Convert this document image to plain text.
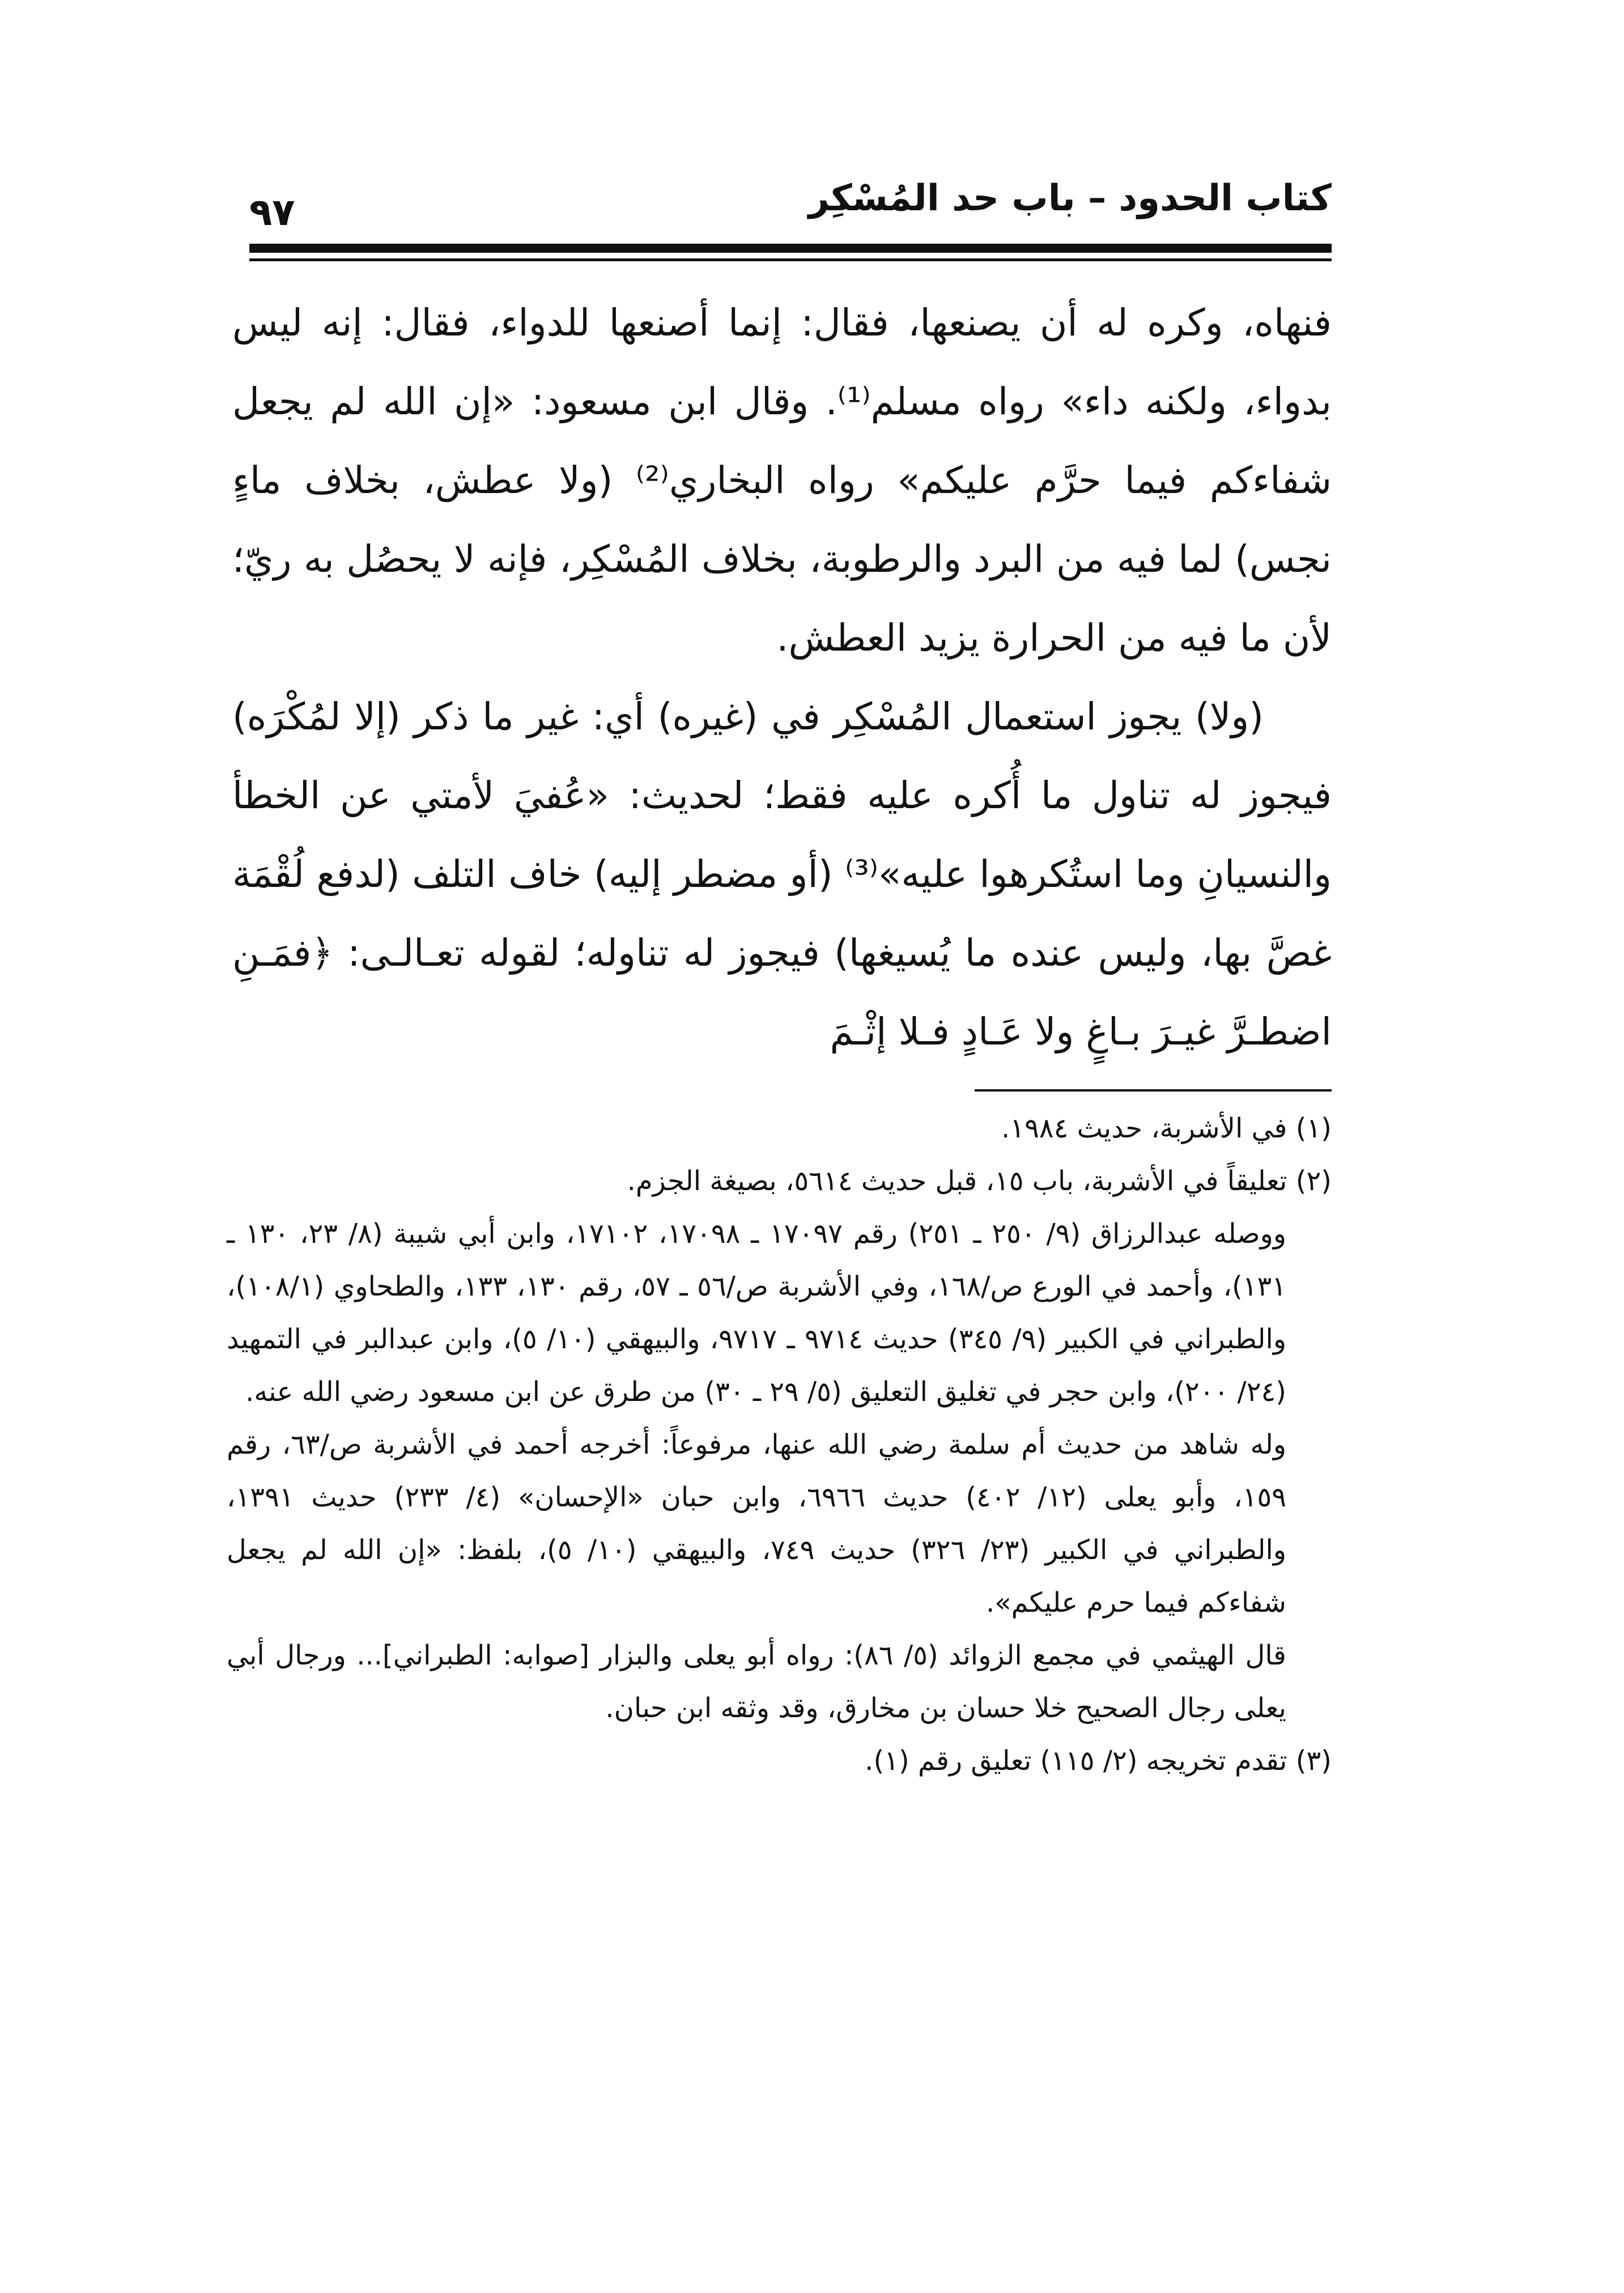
كتاب الحدود – باب حد المُسْكِر
٩٧

فنهاه، وكره له أن يصنعها، فقال: إنما أصنعها للدواء، فقال: إنه ليس بدواء، ولكنه داء» رواه مسلم⁽¹⁾. وقال ابن مسعود: «إن الله لم يجعل شفاءكم فيما حرَّم عليكم» رواه البخاري⁽²⁾ (ولا عطش، بخلاف ماءٍ نجس) لما فيه من البرد والرطوبة، بخلاف المُسْكِر، فإنه لا يحصُل به ريّ؛ لأن ما فيه من الحرارة يزيد العطش.

(ولا) يجوز استعمال المُسْكِر في (غيره) أي: غير ما ذكر (إلا لمُكْرَه) فيجوز له تناول ما أُكره عليه فقط؛ لحديث: «عُفيَ لأمتي عن الخطأ والنسيانِ وما استُكرهوا عليه»⁽³⁾ (أو مضطر إليه) خاف التلف (لدفع لُقْمَة غصَّ بها، وليس عنده ما يُسيغها) فيجوز له تناوله؛ لقوله تعـالـى: ﴿فمَـنِ اضطـرَّ غيـرَ بـاغٍ ولا عَـادٍ فـلا إثْـمَ

(١) في الأشربة، حديث ١٩٨٤.

(٢) تعليقاً في الأشربة، باب ١٥، قبل حديث ٥٦١٤، بصيغة الجزم.

ووصله عبدالرزاق (٩/ ٢٥٠ ـ ٢٥١) رقم ١٧٠٩٧ ـ ١٧٠٩٨، ١٧١٠٢، وابن أبي شيبة (٨/ ٢٣، ١٣٠ ـ ١٣١)، وأحمد في الورع ص/١٦٨، وفي الأشربة ص/٥٦ ـ ٥٧، رقم ١٣٠، ١٣٣، والطحاوي (١٠٨/١)، والطبراني في الكبير (٩/ ٣٤٥) حديث ٩٧١٤ ـ ٩٧١٧، والبيهقي (١٠/ ٥)، وابن عبدالبر في التمهيد (٢٤/ ٢٠٠)، وابن حجر في تغليق التعليق (٥/ ٢٩ ـ ٣٠) من طرق عن ابن مسعود رضي الله عنه.

وله شاهد من حديث أم سلمة رضي الله عنها، مرفوعاً: أخرجه أحمد في الأشربة ص/٦٣، رقم ١٥٩، وأبو يعلى (١٢/ ٤٠٢) حديث ٦٩٦٦، وابن حبان «الإحسان» (٤/ ٢٣٣) حديث ١٣٩١، والطبراني في الكبير (٢٣/ ٣٢٦) حديث ٧٤٩، والبيهقي (١٠/ ٥)، بلفظ: «إن الله لم يجعل شفاءكم فيما حرم عليكم».

قال الهيثمي في مجمع الزوائد (٥/ ٨٦): رواه أبو يعلى والبزار [صوابه: الطبراني]... ورجال أبي يعلى رجال الصحيح خلا حسان بن مخارق، وقد وثقه ابن حبان.

(٣) تقدم تخريجه (٢/ ١١٥) تعليق رقم (١).
